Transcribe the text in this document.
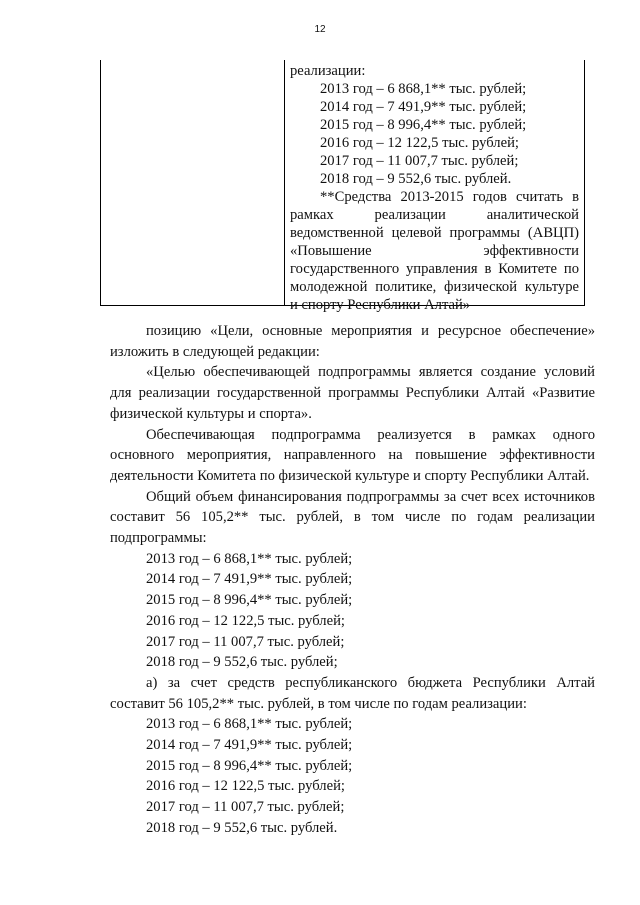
12

реализации:

2013 год – 6 868,1** тыс. рублей;

2014 год – 7 491,9** тыс. рублей;

2015 год – 8 996,4** тыс. рублей;

2016 год – 12 122,5 тыс. рублей;

2017 год – 11 007,7 тыс. рублей;

2018 год – 9 552,6 тыс. рублей.

**Средства 2013-2015 годов считать в

рамках реализации аналитической

ведомственной целевой программы (АВЦП)

«Повышение эффективности

государственного управления в Комитете по

молодежной политике, физической культуре

и спорту Республики Алтай»

позицию «Цели, основные мероприятия и ресурсное обеспечение» изложить в следующей редакции:

«Целью обеспечивающей подпрограммы является создание условий для реализации государственной программы Республики Алтай «Развитие физической культуры и спорта».

Обеспечивающая подпрограмма реализуется в рамках одного основного мероприятия, направленного на повышение эффективности деятельности Комитета по физической культуре и спорту Республики Алтай.

Общий объем финансирования подпрограммы за счет всех источников составит 56 105,2** тыс. рублей, в том числе по годам реализации подпрограммы:

2013 год – 6 868,1** тыс. рублей;

2014 год – 7 491,9** тыс. рублей;

2015 год – 8 996,4** тыс. рублей;

2016 год – 12 122,5 тыс. рублей;

2017 год – 11 007,7 тыс. рублей;

2018 год – 9 552,6 тыс. рублей;

а) за счет средств республиканского бюджета Республики Алтай составит 56 105,2** тыс. рублей, в том числе по годам реализации:

2013 год – 6 868,1** тыс. рублей;

2014 год – 7 491,9** тыс. рублей;

2015 год – 8 996,4** тыс. рублей;

2016 год – 12 122,5 тыс. рублей;

2017 год – 11 007,7 тыс. рублей;

2018 год – 9 552,6 тыс. рублей.
